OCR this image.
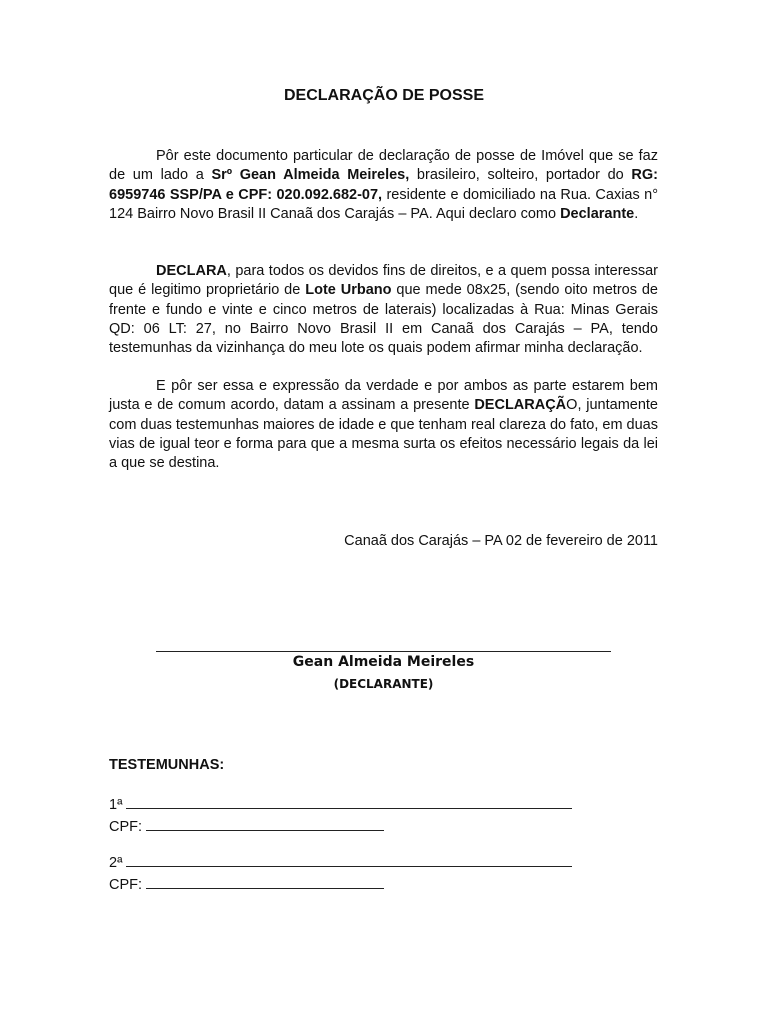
DECLARAÇÃO DE POSSE

Pôr este documento particular de declaração de posse de Imóvel que se faz de um lado a Srº Gean Almeida Meireles, brasileiro, solteiro, portador do RG: 6959746 SSP/PA e CPF: 020.092.682-07, residente e domiciliado na Rua. Caxias n° 124 Bairro Novo Brasil II Canaã dos Carajás – PA. Aqui declaro como Declarante.

DECLARA, para todos os devidos fins de direitos, e a quem possa interessar que é legitimo proprietário de Lote Urbano que mede 08x25, (sendo oito metros de frente e fundo e vinte e cinco metros de laterais) localizadas à Rua: Minas Gerais QD: 06 LT: 27, no Bairro Novo Brasil II em Canaã dos Carajás – PA, tendo testemunhas da vizinhança do meu lote os quais podem afirmar minha declaração.

E pôr ser essa e expressão da verdade e por ambos as parte estarem bem justa e de comum acordo, datam a assinam a presente DECLARAÇÃO, juntamente com duas testemunhas maiores de idade e que tenham real clareza do fato, em duas vias de igual teor e forma para que a mesma surta os efeitos necessário legais da lei a que se destina.

Canaã dos Carajás – PA 02 de fevereiro de 2011
Gean Almeida Meireles
(DECLARANTE)
TESTEMUNHAS:
1ª
CPF:
2ª
CPF:
